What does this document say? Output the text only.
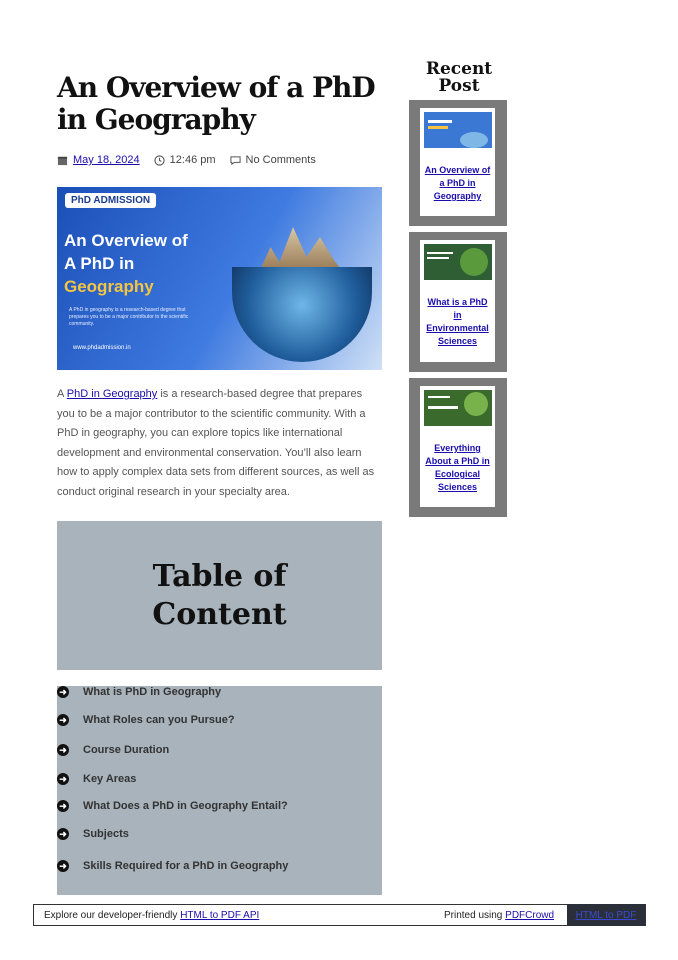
An Overview of a PhD in Geography
May 18, 2024	12:46 pm	No Comments
PhD ADMISSION
An Overview of
A PhD in
Geography
A PhD in geography is a research-based degree that prepares you to be a major contributor to the scientific community.
www.phdadmission.in

A PhD in Geography is a research-based degree that prepares you to be a major contributor to the scientific community. With a PhD in geography, you can explore topics like international development and environmental conservation. You’ll also learn how to apply complex data sets from different sources, as well as conduct original research in your specialty area.

Table of
Content
➜ What is PhD in Geography
➜ What Roles can you Pursue?
➜ Course Duration
➜ Key Areas
➜ What Does a PhD in Geography Entail?
➜ Subjects
➜ Skills Required for a PhD in Geography
Recent
Post
An Overview of
a PhD in
Geography
What is a PhD
in
Environmental
Sciences
Everything
About a PhD in
Ecological
Sciences
Explore our developer-friendly HTML to PDF API	Printed using PDFCrowd HTML to PDF
